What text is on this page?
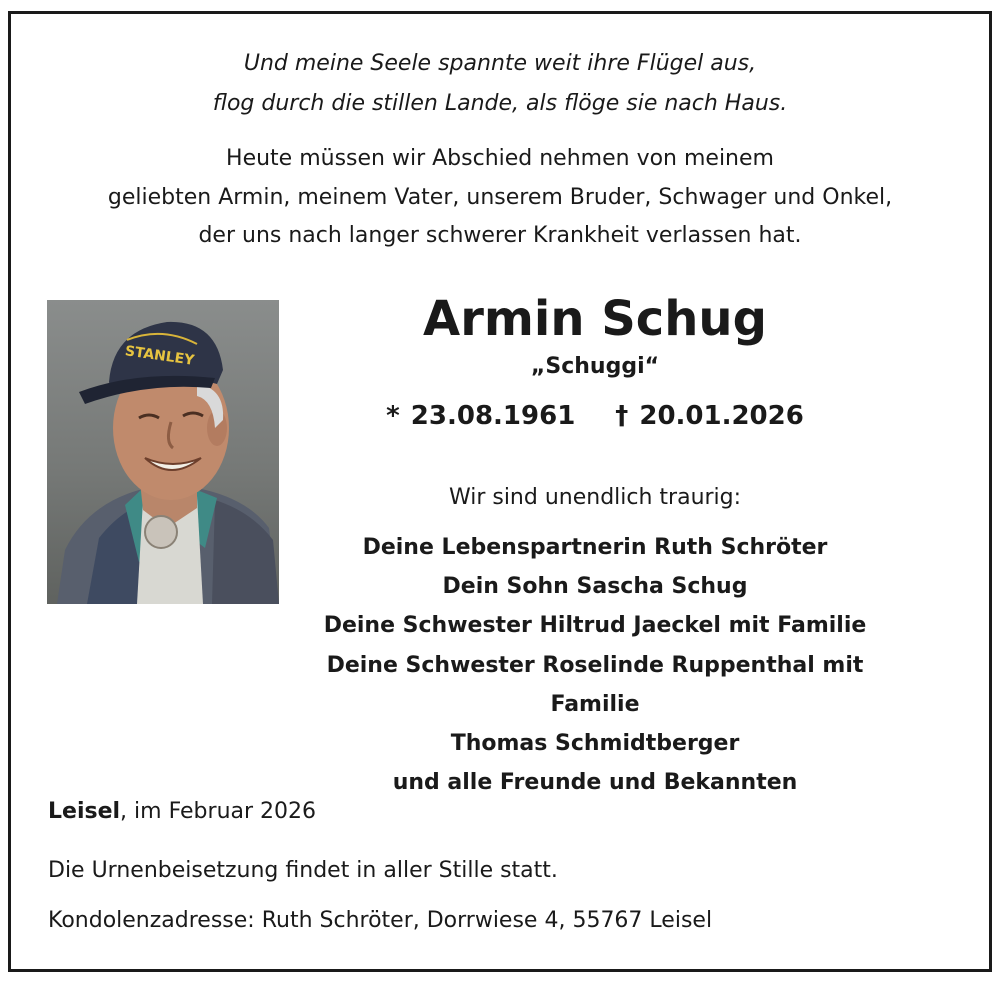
Und meine Seele spannte weit ihre Flügel aus,
flog durch die stillen Lande, als flöge sie nach Haus.
Heute müssen wir Abschied nehmen von meinem
geliebten Armin, meinem Vater, unserem Bruder, Schwager und Onkel,
der uns nach langer schwerer Krankheit verlassen hat.
STANLEY
Armin Schug
„Schuggi“
* 23.08.1961 † 20.01.2026
Wir sind unendlich traurig:
Deine Lebenspartnerin Ruth Schröter
Dein Sohn Sascha Schug
Deine Schwester Hiltrud Jaeckel mit Familie
Deine Schwester Roselinde Ruppenthal mit Familie
Thomas Schmidtberger
und alle Freunde und Bekannten
Leisel, im Februar 2026
Die Urnenbeisetzung findet in aller Stille statt.
Kondolenzadresse: Ruth Schröter, Dorrwiese 4, 55767 Leisel
